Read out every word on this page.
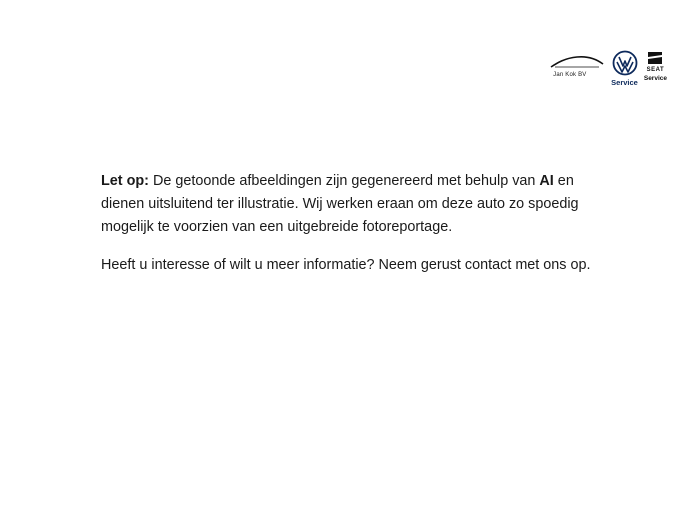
Jan Kok BV
Service
SEAT
Service

Let op: De getoonde afbeeldingen zijn gegenereerd met behulp van AI en dienen uitsluitend ter illustratie. Wij werken eraan om deze auto zo spoedig mogelijk te voorzien van een uitgebreide fotoreportage.

Heeft u interesse of wilt u meer informatie? Neem gerust contact met ons op.
